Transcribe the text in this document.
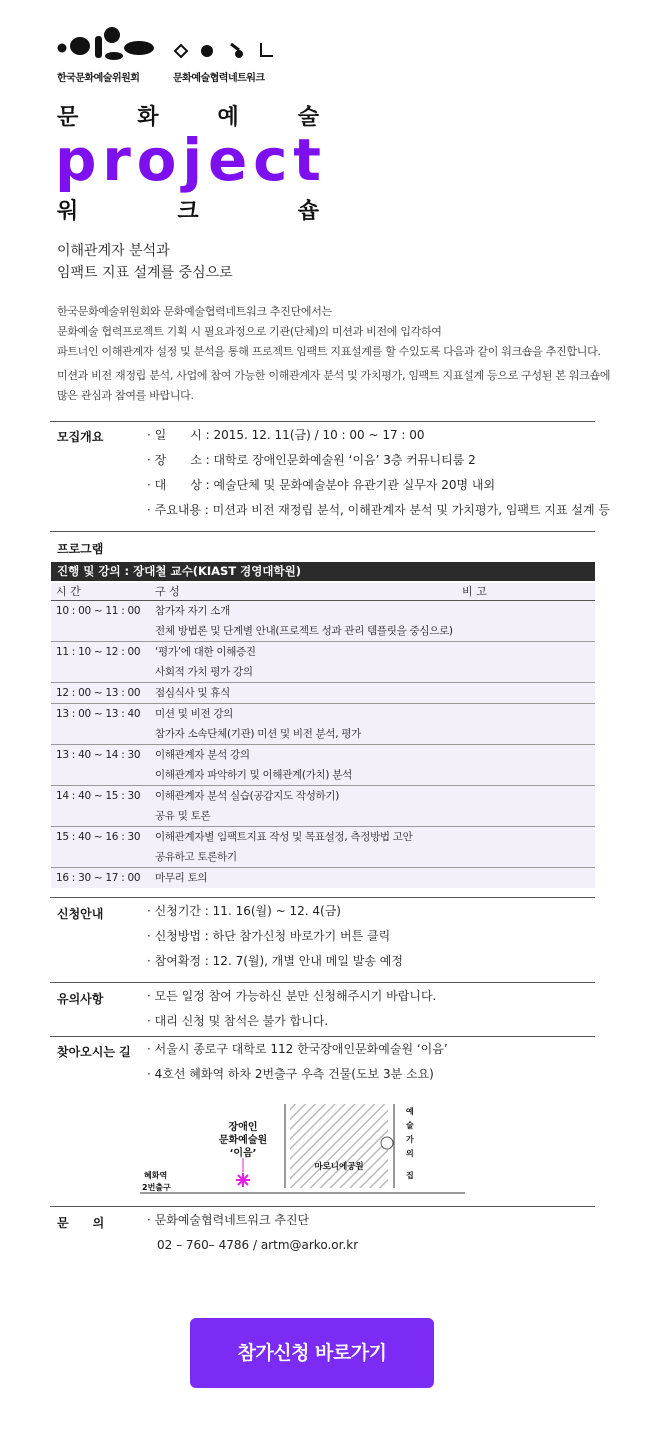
한국문화예술위원회	문화예술협력네트워크
문	화	예	술
p r o j e c t
워	크	숍
이해관계자 분석과
임팩트 지표 설계를 중심으로

한국문화예술위원회와 문화예술협력네트워크 추진단에서는

문화예술 협력프로젝트 기획 시 필요과정으로 기관(단체)의 미션과 비전에 입각하여

파트너인 이해관계자 설정 및 분석을 통해 프로젝트 임팩트 지표설계를 할 수있도록 다음과 같이 워크숍을 추진합니다.

미션과 비전 재정립 분석, 사업에 참여 가능한 이해관계자 분석 및 가치평가, 임팩트 지표설계 등으로 구성된 본 워크숍에

많은 관심과 참여를 바랍니다.

모집개요	· 일　　시 : 2015. 12. 11(금) / 10 : 00 ~ 17 : 00
· 장　　소 : 대학로 장애인문화예술원 ‘이음’ 3층 커뮤니티룸 2
· 대　　상 : 예술단체 및 문화예술분야 유관기관 실무자 20명 내외
· 주요내용 : 미션과 비전 재정립 분석, 이해관계자 분석 및 가치평가, 임팩트 지표 설계 등
프로그램
진행 및 강의 : 장대철 교수(KIAST 경영대학원)
시 간	구 성	비 고
10 : 00 ~ 11 : 00	참가자 자기 소개
전체 방법론 및 단계별 안내(프로젝트 성과 관리 템플릿을 중심으로)
11 : 10 ~ 12 : 00	‘평가’에 대한 이해증진
사회적 가치 평가 강의
12 : 00 ~ 13 : 00	점심식사 및 휴식
13 : 00 ~ 13 : 40	미션 및 비전 강의
참가자 소속단체(기관) 미션 및 비전 분석, 평가
13 : 40 ~ 14 : 30	이해관계자 분석 강의
이해관계자 파악하기 및 이해관계(가치) 분석
14 : 40 ~ 15 : 30	이해관계자 분석 실습(공감지도 작성하기)
공유 및 토론
15 : 40 ~ 16 : 30	이해관계자별 임팩트지표 작성 및 목표설정, 측정방법 고안
공유하고 토론하기
16 : 30 ~ 17 : 00	마무리 토의
신청안내	· 신청기간 : 11. 16(월) ~ 12. 4(금)
· 신청방법 : 하단 참가신청 바로가기 버튼 클릭
· 참여확정 : 12. 7(월), 개별 안내 메일 발송 예정
유의사항	· 모든 일정 참여 가능하신 분만 신청해주시기 바랍니다.
· 대리 신청 및 참석은 불가 합니다.
찾아오시는 길 · 서울시 종로구 대학로 112 한국장애인문화예술원 ‘이음’
· 4호선 혜화역 하차 2번출구 우측 건물(도보 3분 소요)
마로니에공원
장애인
문화예술원
‘이음’
혜화역
2번출구
예
술
가
의
집
문　　의	· 문화예술협력네트워크 추진단
02 – 760– 4786 / artm@arko.or.kr
참가신청 바로가기
